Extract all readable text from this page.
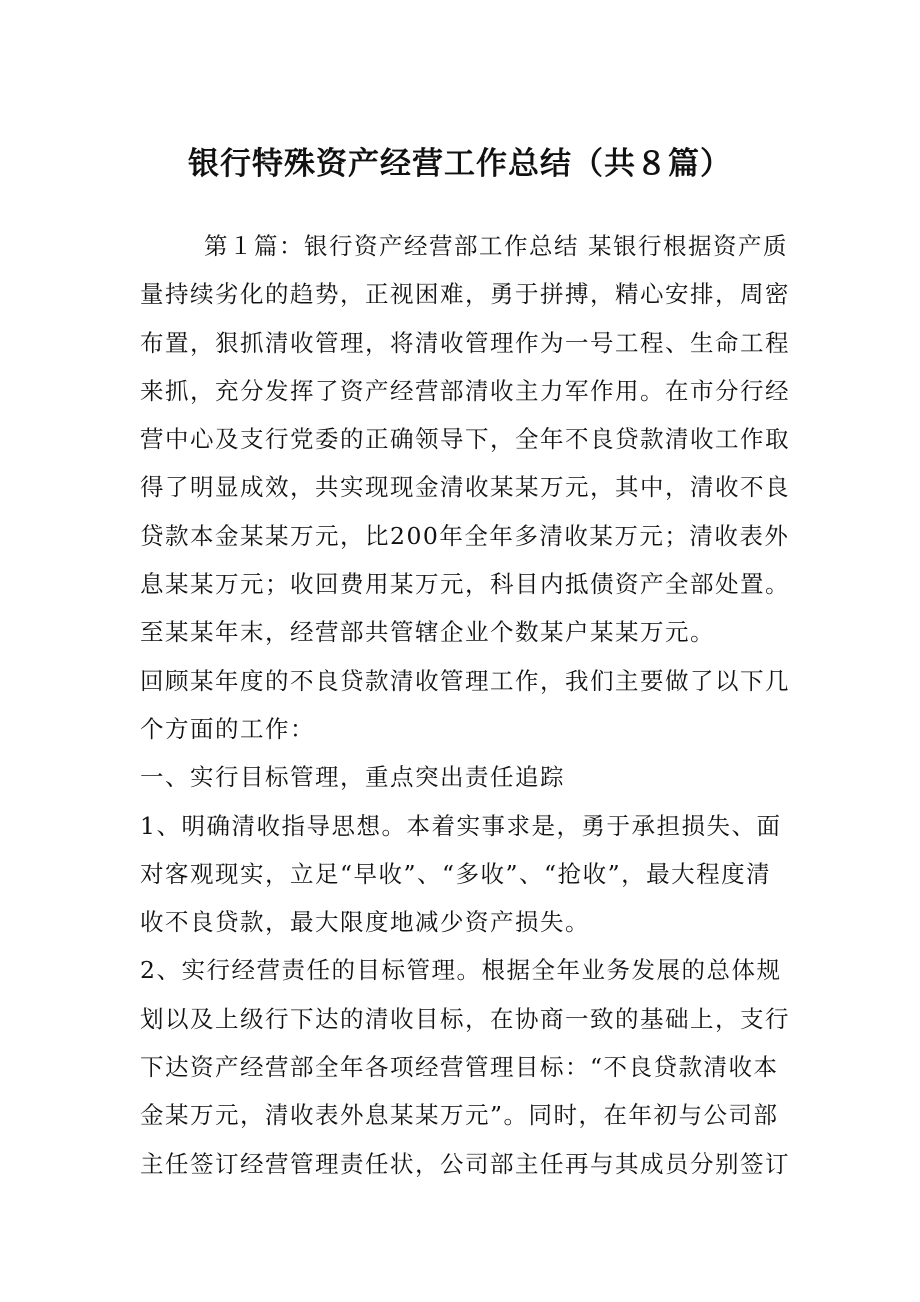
银行特殊资产经营工作总结（共８篇）

第１篇：银行资产经营部工作总结 某银行根据资产质

量持续劣化的趋势，正视困难，勇于拼搏，精心安排，周密

布置，狠抓清收管理，将清收管理作为一号工程、生命工程

来抓，充分发挥了资产经营部清收主力军作用。在市分行经

营中心及支行党委的正确领导下，全年不良贷款清收工作取

得了明显成效，共实现现金清收某某万元，其中，清收不良

贷款本金某某万元，比200年全年多清收某万元；清收表外

息某某万元；收回费用某万元，科目内抵债资产全部处置。

至某某年末，经营部共管辖企业个数某户某某万元。

回顾某年度的不良贷款清收管理工作，我们主要做了以下几

个方面的工作：

一、实行目标管理，重点突出责任追踪

1、明确清收指导思想。本着实事求是，勇于承担损失、面

对客观现实，立足“早收”、“多收”、“抢收”，最大程度清

收不良贷款，最大限度地减少资产损失。

2、实行经营责任的目标管理。根据全年业务发展的总体规

划以及上级行下达的清收目标，在协商一致的基础上，支行

下达资产经营部全年各项经营管理目标：“不良贷款清收本

金某万元，清收表外息某某万元”。同时，在年初与公司部

主任签订经营管理责任状，公司部主任再与其成员分别签订
